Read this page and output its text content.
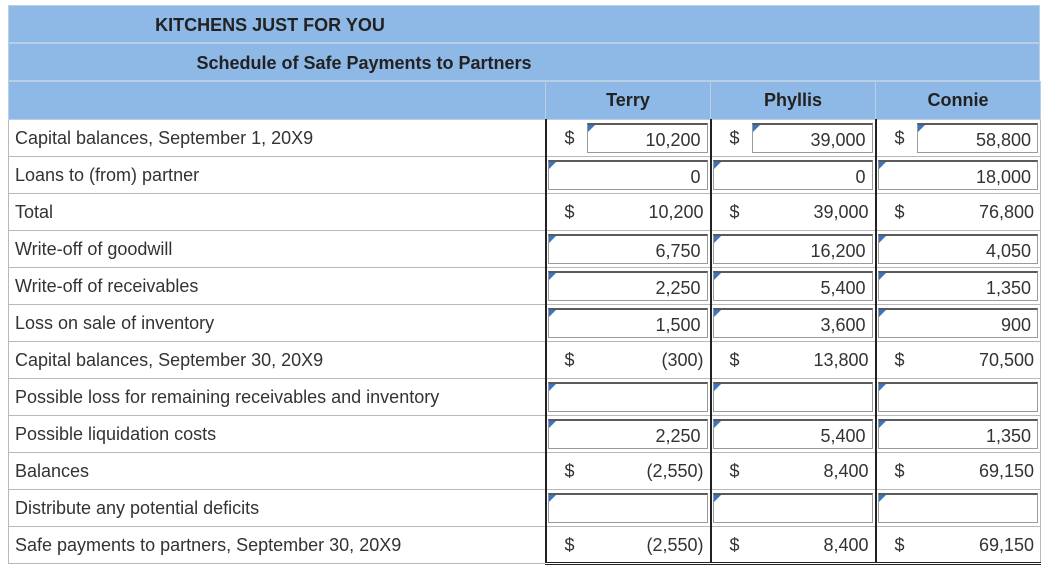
KITCHENS JUST FOR YOU
Schedule of Safe Payments to Partners
	Terry	Phyllis	Connie
Capital balances, September 1, 20X9	$ 10,200	$ 39,000	$ 58,800

Loans to (from) partner	0	0	18,000

Total	$ 10,200	$ 39,000	$ 76,800

Write-off of goodwill	6,750	16,200	4,050

Write-off of receivables	2,250	5,400	1,350

Loss on sale of inventory	1,500	3,600	900

Capital balances, September 30, 20X9	$ (300)	$ 13,800	$ 70,500

Possible loss for remaining receivables and inventory	

Possible liquidation costs	2,250	5,400	1,350

Balances	$ (2,550)	$ 8,400	$ 69,150

Distribute any potential deficits	

Safe payments to partners, September 30, 20X9	$ (2,550)	$ 8,400	$ 69,150
